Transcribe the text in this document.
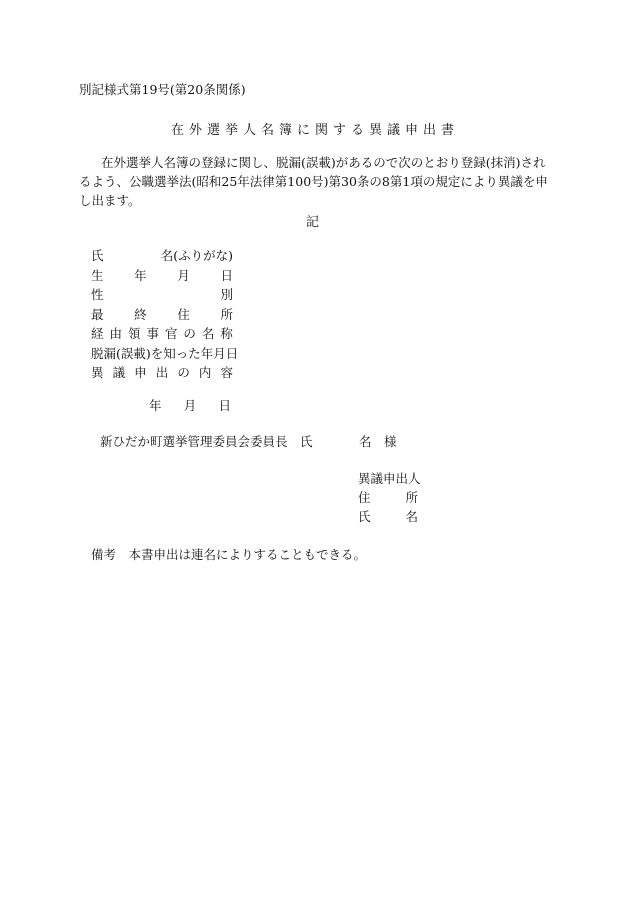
別記様式第19号(第20条関係)
在外選挙人名簿に関する異議申出書
在外選挙人名簿の登録に関し、脱漏(誤載)があるので次のとおり登録(抹消)されるよう、公職選挙法(昭和25年法律第100号)第30条の8第1項の規定により異議を申し出ます。
記
氏	名(ふりがな)
生 年 月 日
性	別
最 終 住 所
経 由 領 事 官 の 名 称
脱漏(誤載)を知った年月日
異 議 申 出 の 内 容
年 月 日
新ひだか町選挙管理委員会委員長　氏	名　様
異議申出人
住	所
氏	名
備考　本書申出は連名によりすることもできる。
